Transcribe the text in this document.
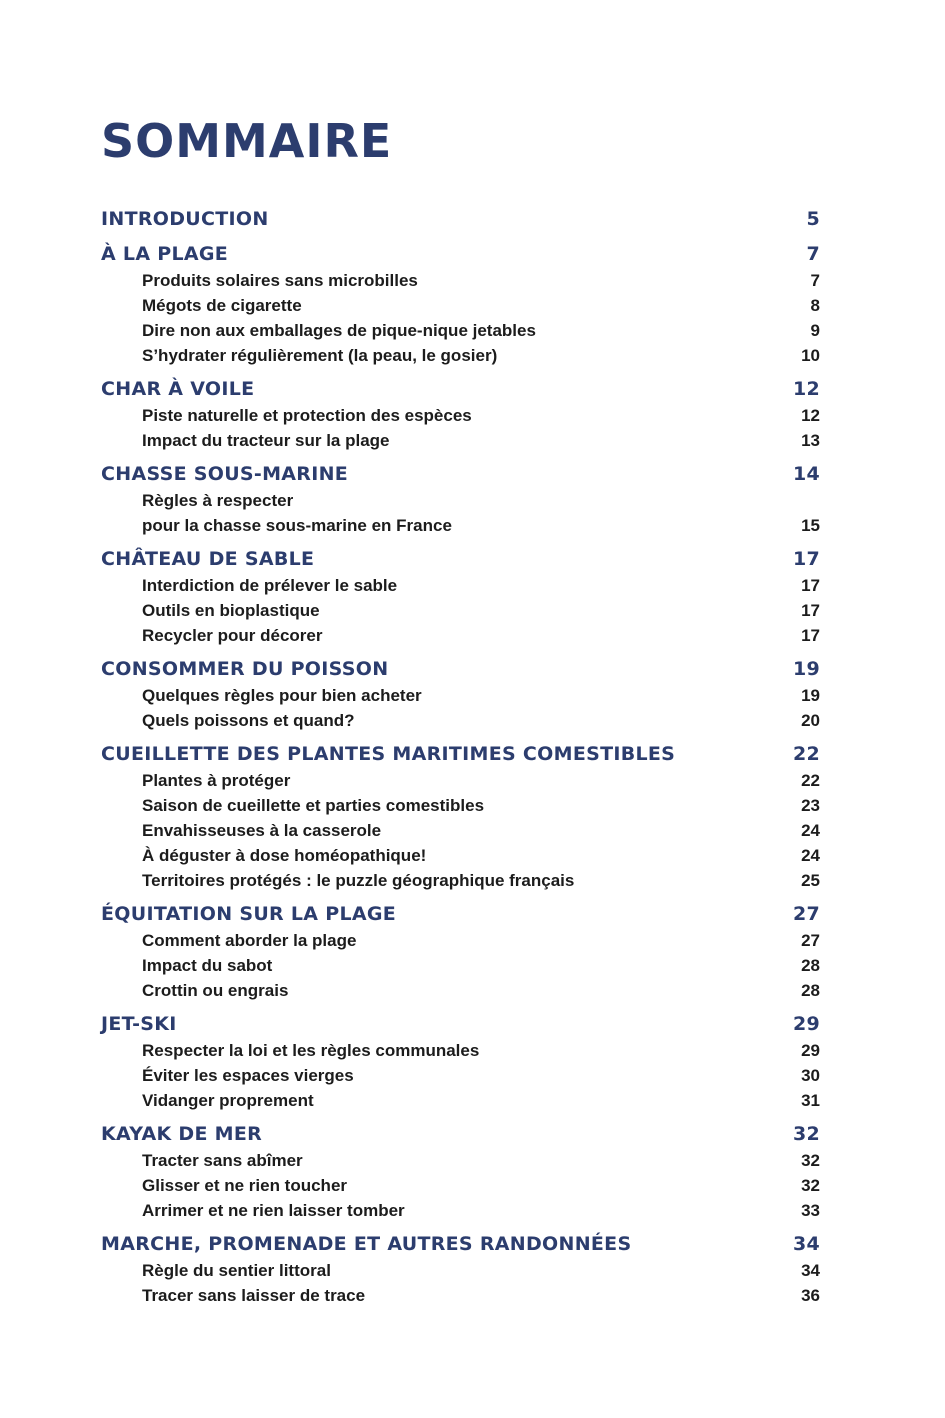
SOMMAIRE
INTRODUCTION	5
À LA PLAGE	7
Produits solaires sans microbilles	7
Mégots de cigarette	8
Dire non aux emballages de pique-nique jetables	9
S’hydrater régulièrement (la peau, le gosier)	10
CHAR À VOILE	12
Piste naturelle et protection des espèces	12
Impact du tracteur sur la plage	13
CHASSE SOUS-MARINE	14
Règles à respecter
pour la chasse sous-marine en France	15
CHÂTEAU DE SABLE	17
Interdiction de prélever le sable	17
Outils en bioplastique	17
Recycler pour décorer	17
CONSOMMER DU POISSON	19
Quelques règles pour bien acheter	19
Quels poissons et quand?	20
CUEILLETTE DES PLANTES MARITIMES COMESTIBLES	22
Plantes à protéger	22
Saison de cueillette et parties comestibles	23
Envahisseuses à la casserole	24
À déguster à dose homéopathique!	24
Territoires protégés : le puzzle géographique français	25
ÉQUITATION SUR LA PLAGE	27
Comment aborder la plage	27
Impact du sabot	28
Crottin ou engrais	28
JET-SKI	29
Respecter la loi et les règles communales	29
Éviter les espaces vierges	30
Vidanger proprement	31
KAYAK DE MER	32
Tracter sans abîmer	32
Glisser et ne rien toucher	32
Arrimer et ne rien laisser tomber	33
MARCHE, PROMENADE ET AUTRES RANDONNÉES	34
Règle du sentier littoral	34
Tracer sans laisser de trace	36
